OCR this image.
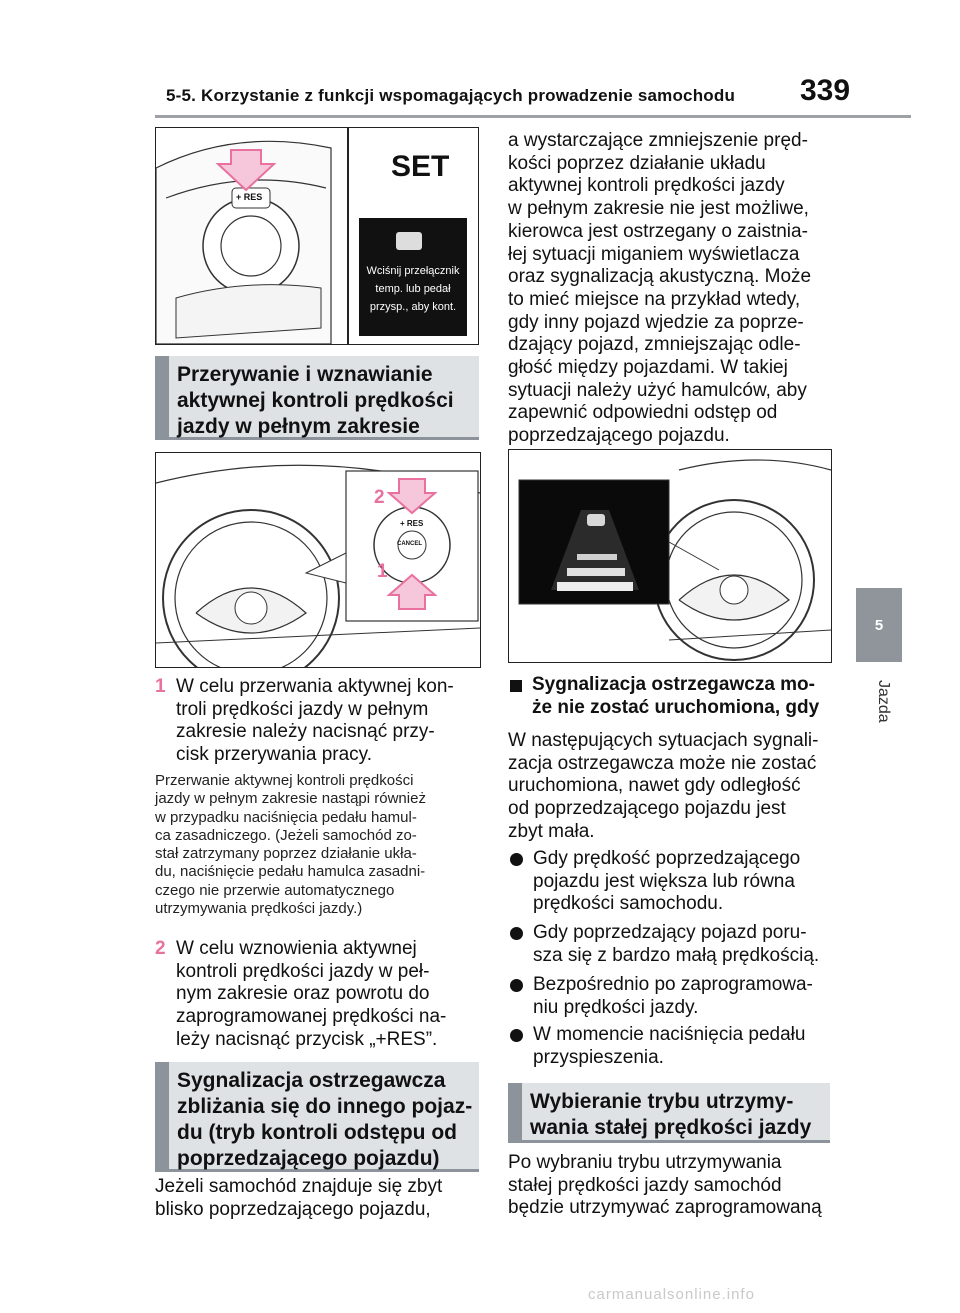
5-5. Korzystanie z funkcji wspomagających prowadzenie samochodu 339
5
Jazda
SET
+ RES
Wciśnij przełącznik
temp. lub pedał
przysp., aby kont.
Przerywanie i wznawianie
aktywnej kontroli prędkości
jazdy w pełnym zakresie
2
1
+ RES
CANCEL
1 W celu przerwania aktywnej kon-
troli prędkości jazdy w pełnym
zakresie należy nacisnąć przy-
cisk przerywania pracy.
Przerwanie aktywnej kontroli prędkości
jazdy w pełnym zakresie nastąpi również
w przypadku naciśnięcia pedału hamul-
ca zasadniczego. (Jeżeli samochód zo-
stał zatrzymany poprzez działanie ukła-
du, naciśnięcie pedału hamulca zasadni-
czego nie przerwie automatycznego
utrzymywania prędkości jazdy.)
2 W celu wznowienia aktywnej
kontroli prędkości jazdy w peł-
nym zakresie oraz powrotu do
zaprogramowanej prędkości na-
leży nacisnąć przycisk „+RES”.
Sygnalizacja ostrzegawcza
zbliżania się do innego pojaz-
du (tryb kontroli odstępu od
poprzedzającego pojazdu)
Jeżeli samochód znajduje się zbyt
blisko poprzedzającego pojazdu,
a wystarczające zmniejszenie pręd-
kości poprzez działanie układu
aktywnej kontroli prędkości jazdy
w pełnym zakresie nie jest możliwe,
kierowca jest ostrzegany o zaistnia-
łej sytuacji miganiem wyświetlacza
oraz sygnalizacją akustyczną. Może
to mieć miejsce na przykład wtedy,
gdy inny pojazd wjedzie za poprze-
dzający pojazd, zmniejszając odle-
głość między pojazdami. W takiej
sytuacji należy użyć hamulców, aby
zapewnić odpowiedni odstęp od
poprzedzającego pojazdu.
Sygnalizacja ostrzegawcza mo-
że nie zostać uruchomiona, gdy
W następujących sytuacjach sygnali-
zacja ostrzegawcza może nie zostać
uruchomiona, nawet gdy odległość
od poprzedzającego pojazdu jest
zbyt mała.
Gdy prędkość poprzedzającego
pojazdu jest większa lub równa
prędkości samochodu.
Gdy poprzedzający pojazd poru-
sza się z bardzo małą prędkością.
Bezpośrednio po zaprogramowa-
niu prędkości jazdy.
W momencie naciśnięcia pedału
przyspieszenia.
Wybieranie trybu utrzymy-
wania stałej prędkości jazdy
Po wybraniu trybu utrzymywania
stałej prędkości jazdy samochód
będzie utrzymywać zaprogramowaną
carmanualsonline.info
